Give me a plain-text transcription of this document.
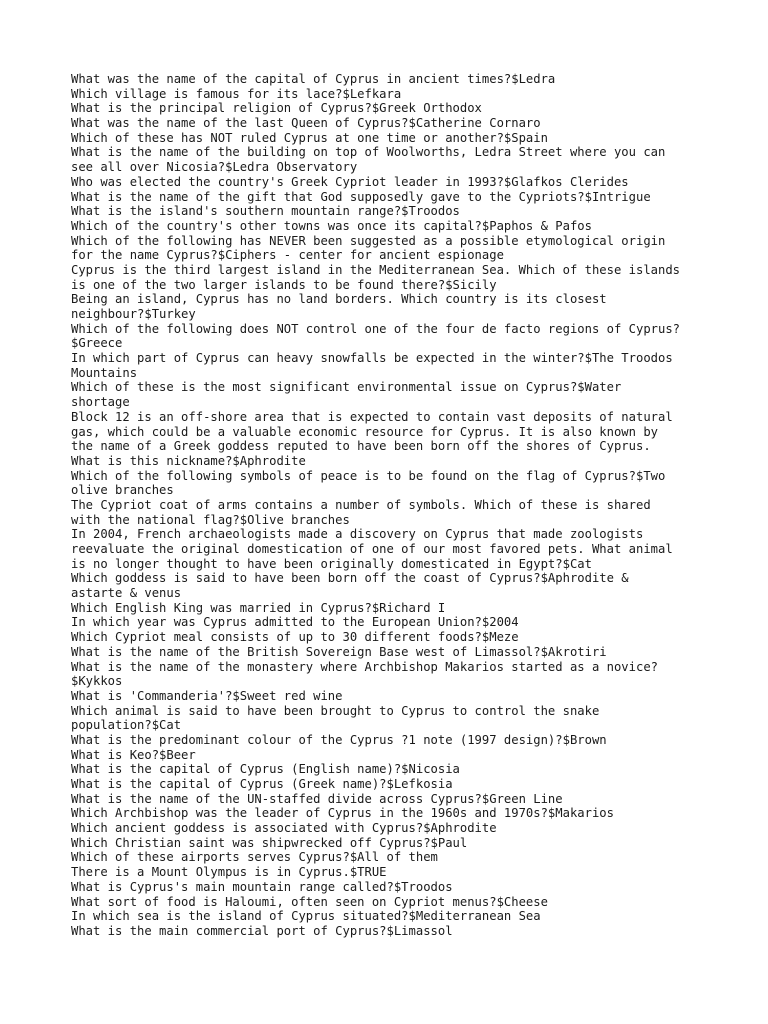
What was the name of the capital of Cyprus in ancient times?$Ledra
Which village is famous for its lace?$Lefkara
What is the principal religion of Cyprus?$Greek Orthodox
What was the name of the last Queen of Cyprus?$Catherine Cornaro
Which of these has NOT ruled Cyprus at one time or another?$Spain
What is the name of the building on top of Woolworths, Ledra Street where you can
see all over Nicosia?$Ledra Observatory
Who was elected the country's Greek Cypriot leader in 1993?$Glafkos Clerides
What is the name of the gift that God supposedly gave to the Cypriots?$Intrigue
What is the island's southern mountain range?$Troodos
Which of the country's other towns was once its capital?$Paphos & Pafos
Which of the following has NEVER been suggested as a possible etymological origin
for the name Cyprus?$Ciphers - center for ancient espionage
Cyprus is the third largest island in the Mediterranean Sea. Which of these islands
is one of the two larger islands to be found there?$Sicily
Being an island, Cyprus has no land borders. Which country is its closest
neighbour?$Turkey
Which of the following does NOT control one of the four de facto regions of Cyprus?
$Greece
In which part of Cyprus can heavy snowfalls be expected in the winter?$The Troodos
Mountains
Which of these is the most significant environmental issue on Cyprus?$Water
shortage
Block 12 is an off-shore area that is expected to contain vast deposits of natural
gas, which could be a valuable economic resource for Cyprus. It is also known by
the name of a Greek goddess reputed to have been born off the shores of Cyprus.
What is this nickname?$Aphrodite
Which of the following symbols of peace is to be found on the flag of Cyprus?$Two
olive branches
The Cypriot coat of arms contains a number of symbols. Which of these is shared
with the national flag?$Olive branches
In 2004, French archaeologists made a discovery on Cyprus that made zoologists
reevaluate the original domestication of one of our most favored pets. What animal
is no longer thought to have been originally domesticated in Egypt?$Cat
Which goddess is said to have been born off the coast of Cyprus?$Aphrodite &
astarte & venus
Which English King was married in Cyprus?$Richard I
In which year was Cyprus admitted to the European Union?$2004
Which Cypriot meal consists of up to 30 different foods?$Meze
What is the name of the British Sovereign Base west of Limassol?$Akrotiri
What is the name of the monastery where Archbishop Makarios started as a novice?
$Kykkos
What is 'Commanderia'?$Sweet red wine
Which animal is said to have been brought to Cyprus to control the snake
population?$Cat
What is the predominant colour of the Cyprus ?1 note (1997 design)?$Brown
What is Keo?$Beer
What is the capital of Cyprus (English name)?$Nicosia
What is the capital of Cyprus (Greek name)?$Lefkosia
What is the name of the UN-staffed divide across Cyprus?$Green Line
Which Archbishop was the leader of Cyprus in the 1960s and 1970s?$Makarios
Which ancient goddess is associated with Cyprus?$Aphrodite
Which Christian saint was shipwrecked off Cyprus?$Paul
Which of these airports serves Cyprus?$All of them
There is a Mount Olympus is in Cyprus.$TRUE
What is Cyprus's main mountain range called?$Troodos
What sort of food is Haloumi, often seen on Cypriot menus?$Cheese
In which sea is the island of Cyprus situated?$Mediterranean Sea
What is the main commercial port of Cyprus?$Limassol
